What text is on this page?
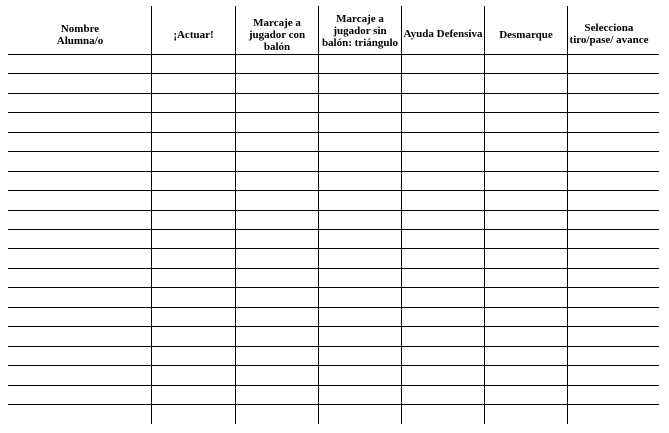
Nombre Alumna/o	¡Actuar!
Marcaje a jugador con balón
Marcaje a jugador sin balón: triángulo
Ayuda Defensiva	Desmarque
Selecciona tiro/pase/ avance
